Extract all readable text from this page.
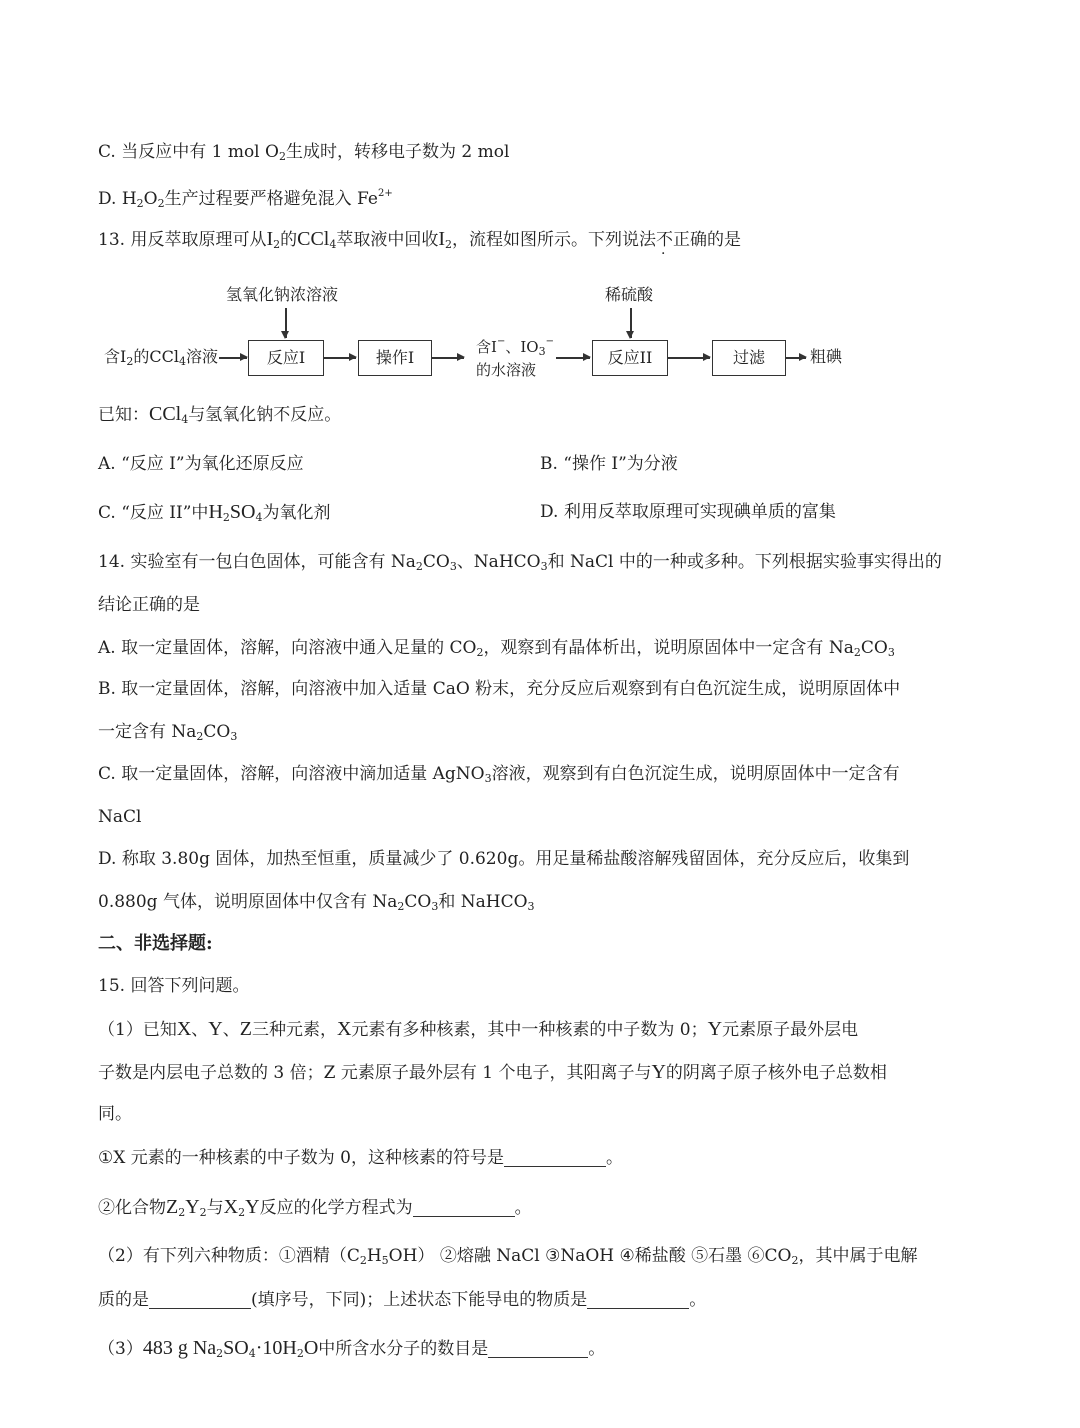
C. 当反应中有 1 mol $O_2$生成时，转移电子数为 2 mol
D. $H_2O_2$生产过程要严格避免混入 $Fe^{2+}$
13. 用反萃取原理可从$I_2$的CCl$_4$萃取液中回收$I_2$，流程如图所示。下列说法不正确的是
含$I_2$的CCl$_4$溶液
氢氧化钠浓溶液
反应I	操作I
含I−、$IO_3^-$
的水溶液
稀硫酸
反应II	过滤	粗碘
已知：CCl$_4$与氢氧化钠不反应。
A. “反应 I”为氧化还原反应	B. “操作 I”为分液
C. “反应 II”中$H_2SO_4$为氧化剂	D. 利用反萃取原理可实现碘单质的富集
14. 实验室有一包白色固体，可能含有 $Na_2CO_3$、NaHCO$_3$和 NaCl 中的一种或多种。下列根据实验事实得出的
结论正确的是
A. 取一定量固体，溶解，向溶液中通入足量的 $CO_2$，观察到有晶体析出，说明原固体中一定含有 $Na_2CO_3$
B. 取一定量固体，溶解，向溶液中加入适量 CaO 粉末，充分反应后观察到有白色沉淀生成，说明原固体中
一定含有 $Na_2CO_3$
C. 取一定量固体，溶解，向溶液中滴加适量 AgNO$_3$溶液，观察到有白色沉淀生成，说明原固体中一定含有
NaCl
D. 称取 3.80g 固体，加热至恒重，质量减少了 0.620g。用足量稀盐酸溶解残留固体，充分反应后，收集到
0.880g 气体，说明原固体中仅含有 $Na_2CO_3$和 NaHCO$_3$
二、非选择题:
15. 回答下列问题。
（1）已知X、Y、Z三种元素，X元素有多种核素，其中一种核素的中子数为 0；Y元素原子最外层电
子数是内层电子总数的 3 倍；Z 元素原子最外层有 1 个电子，其阳离子与Y的阴离子原子核外电子总数相
同。
①X 元素的一种核素的中子数为 0，这种核素的符号是	。
②化合物$Z_2Y_2$与$X_2Y$反应的化学方程式为	。
（2）有下列六种物质：①酒精$(C_2H_5OH)$ ②熔融 NaCl ③NaOH ④稀盐酸 ⑤石墨 $⑥CO_2$，其中属于电解
质的是	(填序号，下同)；上述状态下能导电的物质是	。
（3）483 g $Na_2SO_4\cdot 10H_2O$中所含水分子的数目是	。
